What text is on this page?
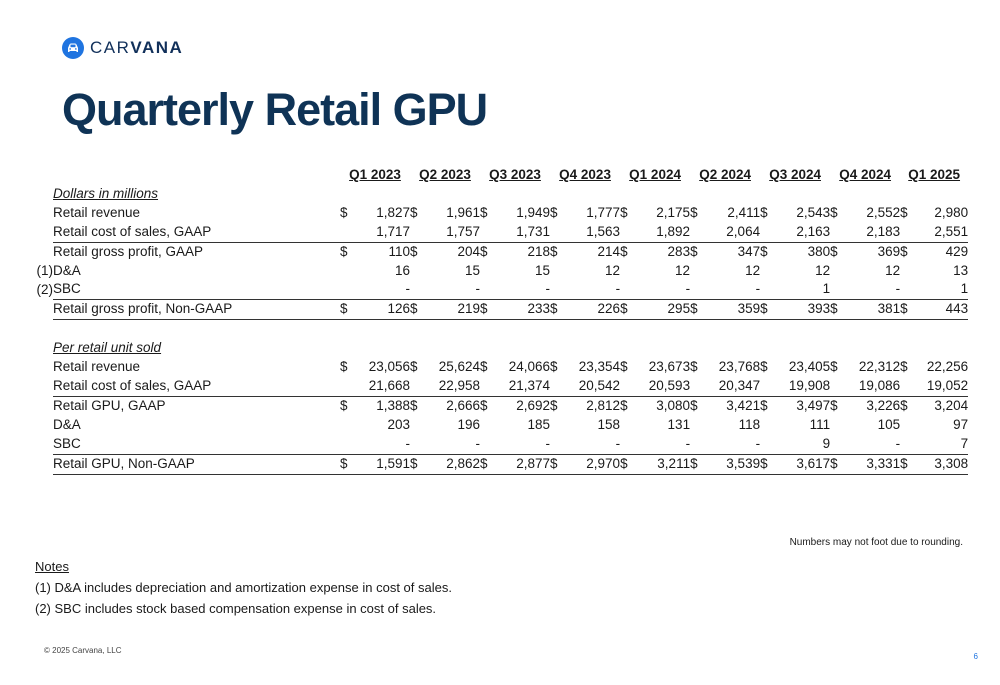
CARVANA
Quarterly Retail GPU
		Q1 2023		Q2 2023		Q3 2023		Q4 2023		Q1 2024		Q2 2024		Q3 2024		Q4 2024		Q1 2025	
	Dollars in millions																		
	Retail revenue	$	1,827	$	1,961	$	1,949	$	1,777	$	2,175	$	2,411	$	2,543	$	2,552	$	2,980
	Retail cost of sales, GAAP		1,717		1,757		1,731		1,563		1,892		2,064		2,163		2,183		2,551
	Retail gross profit, GAAP	$	110	$	204	$	218	$	214	$	283	$	347	$	380	$	369	$	429
(1)	D&A		16		15		15		12		12		12		12		12		13
(2)	SBC		-		-		-		-		-		-		1		-		1
	Retail gross profit, Non-GAAP	$	126	$	219	$	233	$	226	$	295	$	359	$	393	$	381	$	443

	Per retail unit sold																		
	Retail revenue	$	23,056	$	25,624	$	24,066	$	23,354	$	23,673	$	23,768	$	23,405	$	22,312	$	22,256
	Retail cost of sales, GAAP		21,668		22,958		21,374		20,542		20,593		20,347		19,908		19,086		19,052
	Retail GPU, GAAP	$	1,388	$	2,666	$	2,692	$	2,812	$	3,080	$	3,421	$	3,497	$	3,226	$	3,204
	D&A		203		196		185		158		131		118		111		105		97
	SBC		-		-		-		-		-		-		9		-		7
	Retail GPU, Non-GAAP	$	1,591	$	2,862	$	2,877	$	2,970	$	3,211	$	3,539	$	3,617	$	3,331	$	3,308
Numbers may not foot due to rounding.
Notes
(1) D&A includes depreciation and amortization expense in cost of sales.
(2) SBC includes stock based compensation expense in cost of sales.
© 2025 Carvana, LLC
6
